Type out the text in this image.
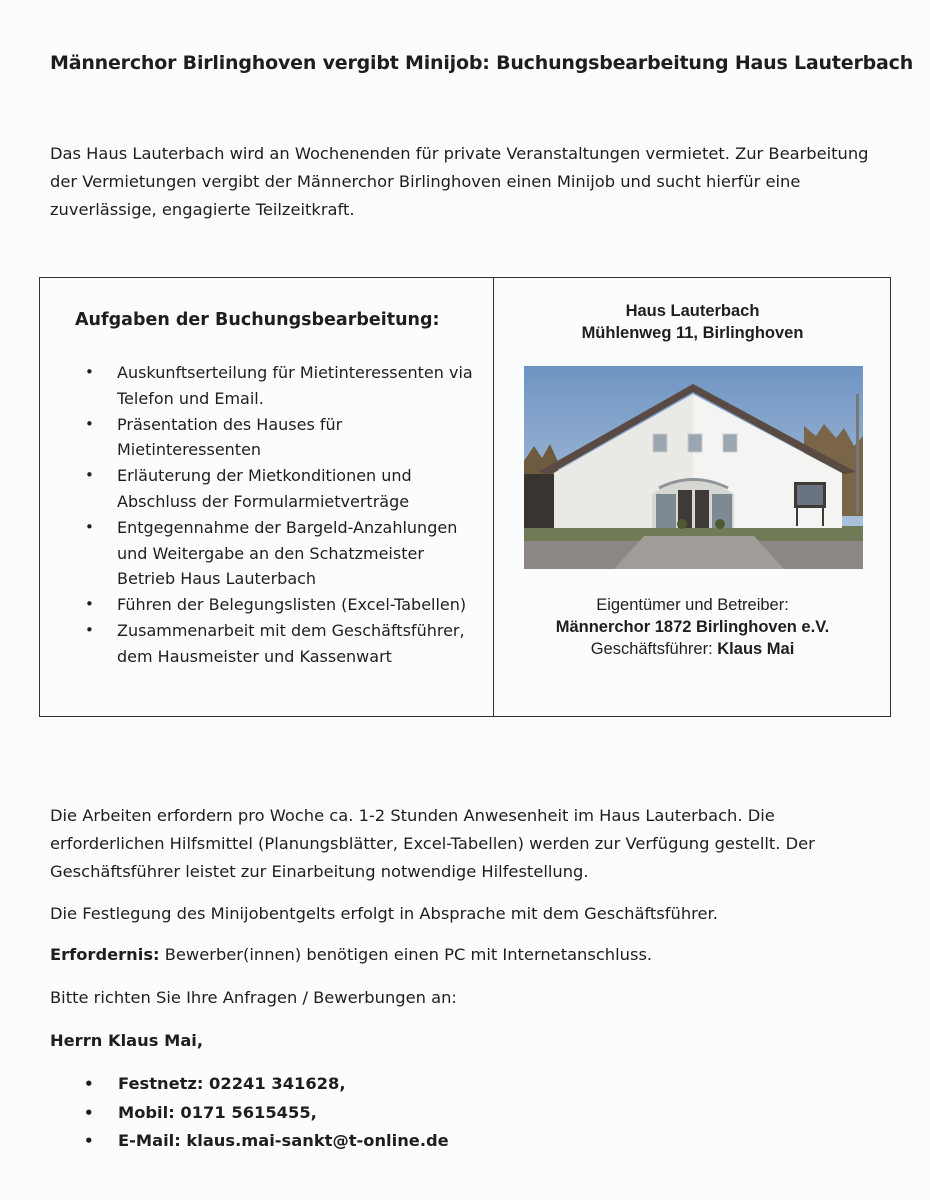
Männerchor Birlinghoven vergibt Minijob: Buchungsbearbeitung Haus Lauterbach
Das Haus Lauterbach wird an Wochenenden für private Veranstaltungen vermietet. Zur Bearbeitung der Vermietungen vergibt der Männerchor Birlinghoven einen Minijob und sucht hierfür eine zuverlässige, engagierte Teilzeitkraft.
Aufgaben der Buchungsbearbeitung:
• Auskunftserteilung für Mietinteressenten via Telefon und Email.
• Präsentation des Hauses für Mietinteressenten
• Erläuterung der Mietkonditionen und Abschluss der Formularmietverträge
• Entgegennahme der Bargeld-Anzahlungen und Weitergabe an den Schatzmeister Betrieb Haus Lauterbach
• Führen der Belegungslisten (Excel-Tabellen)
• Zusammenarbeit mit dem Geschäftsführer, dem Hausmeister und Kassenwart
Haus Lauterbach
Mühlenweg 11, Birlinghoven
Eigentümer und Betreiber:
Männerchor 1872 Birlinghoven e.V.
Geschäftsführer: Klaus Mai
Die Arbeiten erfordern pro Woche ca. 1-2 Stunden Anwesenheit im Haus Lauterbach. Die erforderlichen Hilfsmittel (Planungsblätter, Excel-Tabellen) werden zur Verfügung gestellt. Der Geschäftsführer leistet zur Einarbeitung notwendige Hilfestellung.
Die Festlegung des Minijobentgelts erfolgt in Absprache mit dem Geschäftsführer.
Erfordernis: Bewerber(innen) benötigen einen PC mit Internetanschluss.
Bitte richten Sie Ihre Anfragen / Bewerbungen an:
Herrn Klaus Mai,
• Festnetz: 02241 341628,
• Mobil: 0171 5615455,
• E-Mail: klaus.mai-sankt@t-online.de
